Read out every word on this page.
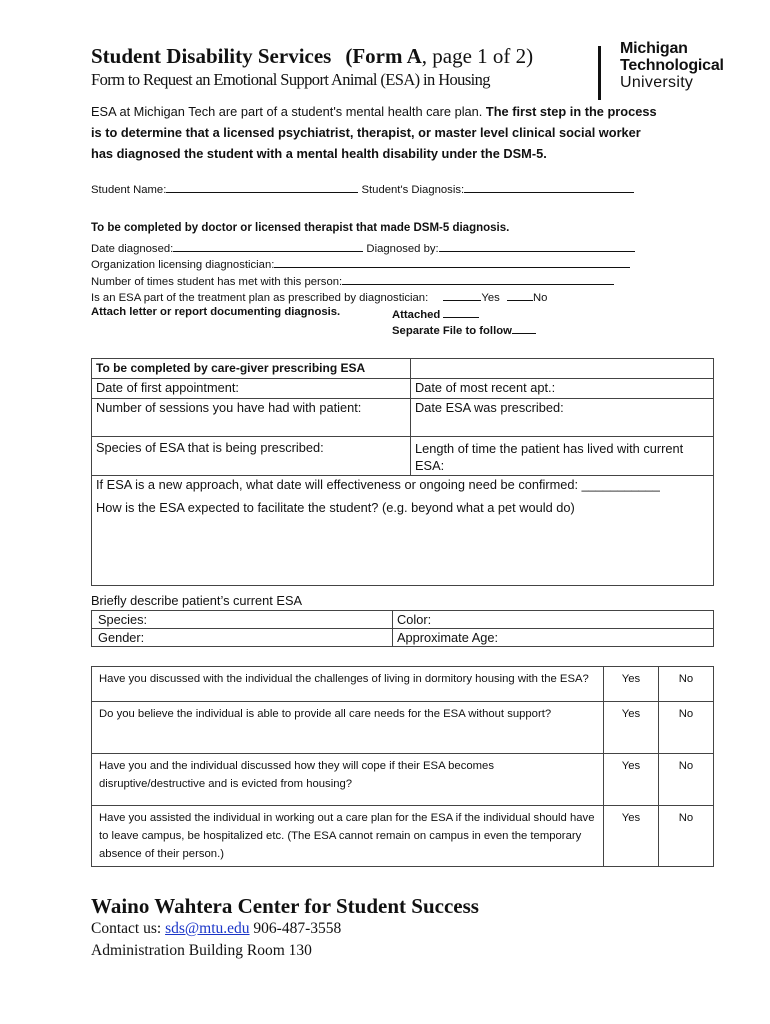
Student Disability Services (Form A, page 1 of 2)
Form to Request an Emotional Support Animal (ESA) in Housing
Michigan
Technological
University
ESA at Michigan Tech are part of a student's mental health care plan. The first step in the process is to determine that a licensed psychiatrist, therapist, or master level clinical social worker has diagnosed the student with a mental health disability under the DSM-5.
Student Name:	Student's Diagnosis:
To be completed by doctor or licensed therapist that made DSM-5 diagnosis.
Date diagnosed:	Diagnosed by:
Organization licensing diagnostician:
Number of times student has met with this person:
Is an ESA part of the treatment plan as prescribed by diagnostician:	Yes	No
Attach letter or report documenting diagnosis.	Attached
Separate File to follow
To be completed by care-giver prescribing ESA	
Date of first appointment:	Date of most recent apt.:
Number of sessions you have had with patient:	Date ESA was prescribed:
Species of ESA that is being prescribed:	Length of time the patient has lived with current ESA:
If ESA is a new approach, what date will effectiveness or ongoing need be confirmed: ___________	
How is the ESA expected to facilitate the student? (e.g. beyond what a pet would do)	
Briefly describe patient’s current ESA
Species:	Color:
Gender:	Approximate Age:
Have you discussed with the individual the challenges of living in dormitory housing with the ESA?	Yes	No
Do you believe the individual is able to provide all care needs for the ESA without support?	Yes	No
Have you and the individual discussed how they will cope if their ESA becomes disruptive/destructive and is evicted from housing?	Yes	No
Have you assisted the individual in working out a care plan for the ESA if the individual should have to leave campus, be hospitalized etc. (The ESA cannot remain on campus in even the temporary absence of their person.)	Yes	No
Waino Wahtera Center for Student Success
Contact us: sds@mtu.edu 906-487-3558
Administration Building Room 130
